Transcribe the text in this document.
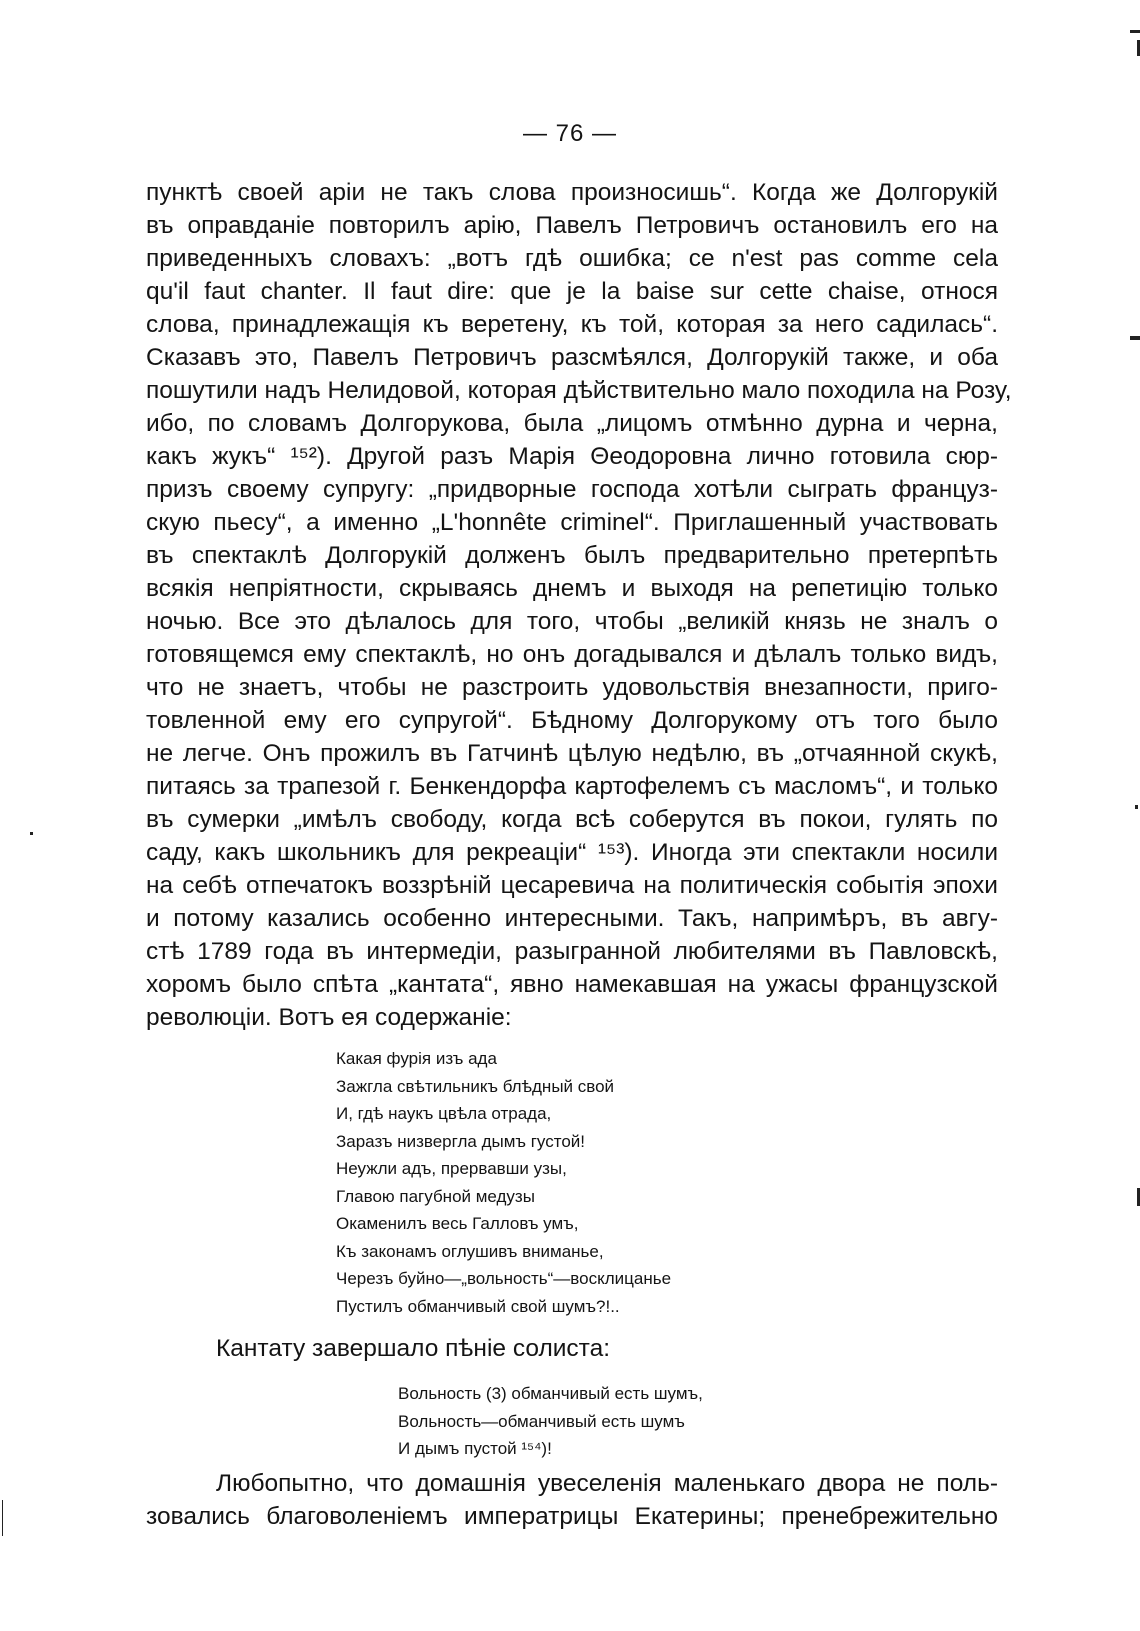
— 76 —
пунктѣ своей аріи не такъ слова произносишь“. Когда же Долгорукій
въ оправданіе повторилъ арію, Павелъ Петровичъ остановилъ его на
приведенныхъ словахъ: „вотъ гдѣ ошибка; ce n'est pas comme cela
qu'il faut chanter. Il faut dire: que je la baise sur cette chaise, относя
слова, принадлежащія къ веретену, къ той, которая за него садилась“.
Сказавъ это, Павелъ Петровичъ разсмѣялся, Долгорукій также, и оба
пошутили надъ Нелидовой, которая дѣйствительно мало походила на Розу,
ибо, по словамъ Долгорукова, была „лицомъ отмѣнно дурна и черна,
какъ жукъ“ ¹⁵²). Другой разъ Марія Θеодоровна лично готовила сюр-
призъ своему супругу: „придворные господа хотѣли сыграть француз-
скую пьесу“, а именно „L'honnête criminel“. Приглашенный участвовать
въ спектаклѣ Долгорукій долженъ былъ предварительно претерпѣть
всякія непріятности, скрываясь днемъ и выходя на репетицію только
ночью. Все это дѣлалось для того, чтобы „великій князь не зналъ о
готовящемся ему спектаклѣ, но онъ догадывался и дѣлалъ только видъ,
что не знаетъ, чтобы не разстроить удовольствія внезапности, приго-
товленной ему его супругой“. Бѣдному Долгорукому отъ того было
не легче. Онъ прожилъ въ Гатчинѣ цѣлую недѣлю, въ „отчаянной скукѣ,
питаясь за трапезой г. Бенкендорфа картофелемъ съ масломъ“, и только
въ сумерки „имѣлъ свободу, когда всѣ соберутся въ покои, гулять по
саду, какъ школьникъ для рекреаціи“ ¹⁵³). Иногда эти спектакли носили
на себѣ отпечатокъ воззрѣній цесаревича на политическія событія эпохи
и потому казались особенно интересными. Такъ, напримѣръ, въ авгу-
стѣ 1789 года въ интермедіи, разыгранной любителями въ Павловскѣ,
хоромъ было спѣта „кантата“, явно намекавшая на ужасы французской
революціи. Вотъ ея содержаніе:
Какая фурія изъ ада
Зажгла свѣтильникъ блѣдный свой
И, гдѣ наукъ цвѣла отрада,
Заразъ низвергла дымъ густой!
Неужли адъ, прервавши узы,
Главою пагубной медузы
Окаменилъ весь Галловъ умъ,
Къ законамъ оглушивъ вниманье,
Черезъ буйно—„вольность“—восклицанье
Пустилъ обманчивый свой шумъ?!..
Кантату завершало пѣніе солиста:
Вольность (3) обманчивый есть шумъ,
Вольность—обманчивый есть шумъ
И дымъ пустой ¹⁵⁴)!
Любопытно, что домашнія увеселенія маленькаго двора не поль-
зовались благоволеніемъ императрицы Екатерины; пренебрежительно
